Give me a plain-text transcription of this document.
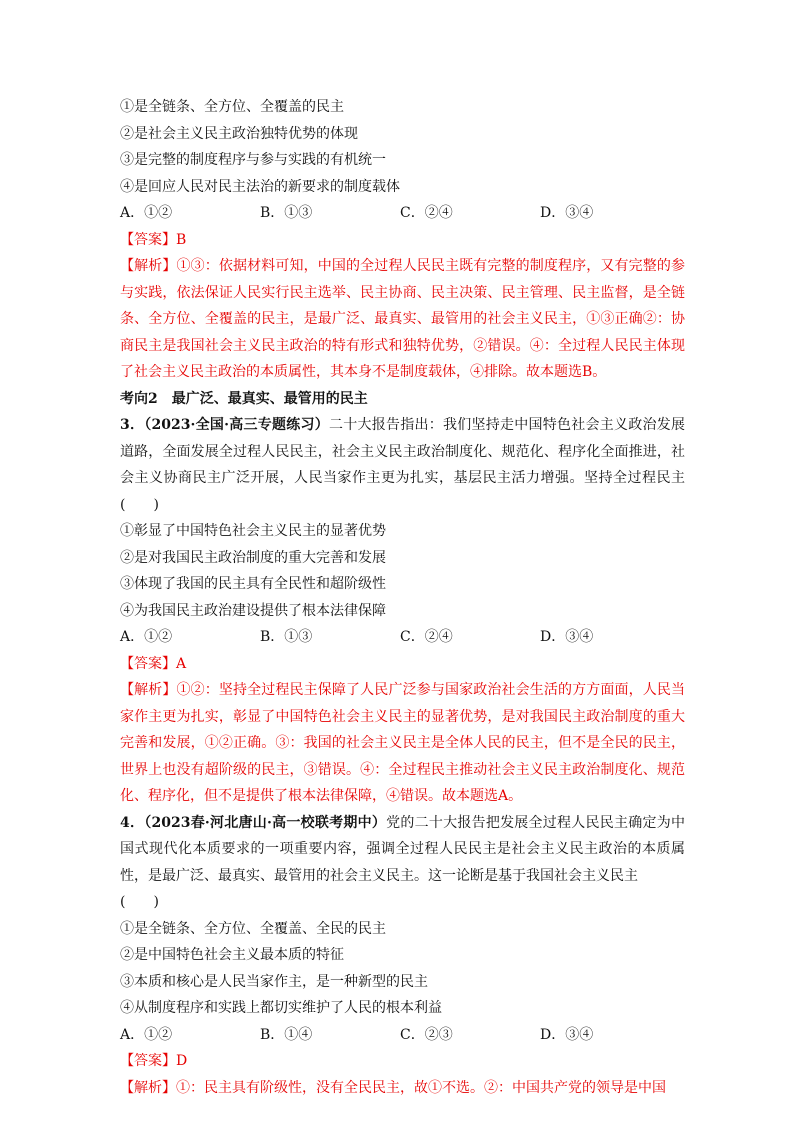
①是全链条、全方位、全覆盖的民主
②是社会主义民主政治独特优势的体现
③是完整的制度程序与参与实践的有机统一
④是回应人民对民主法治的新要求的制度载体
A．①②	B．①③	C．②④	D．③④
【答案】B
【解析】①③：依据材料可知，中国的全过程人民民主既有完整的制度程序，又有完整的参与实践，依法保证人民实行民主选举、民主协商、民主决策、民主管理、民主监督，是全链条、全方位、全覆盖的民主，是最广泛、最真实、最管用的社会主义民主，①③正确②：协商民主是我国社会主义民主政治的特有形式和独特优势，②错误。④：全过程人民民主体现了社会主义民主政治的本质属性，其本身不是制度载体，④排除。故本题选B。
考向2　最广泛、最真实、最管用的民主
3．（2023·全国·高三专题练习）二十大报告指出：我们坚持走中国特色社会主义政治发展道路，全面发展全过程人民民主，社会主义民主政治制度化、规范化、程序化全面推进，社会主义协商民主广泛开展，人民当家作主更为扎实，基层民主活力增强。坚持全过程民主(　　)
①彰显了中国特色社会主义民主的显著优势
②是对我国民主政治制度的重大完善和发展
③体现了我国的民主具有全民性和超阶级性
④为我国民主政治建设提供了根本法律保障
A．①②	B．①③	C．②④	D．③④
【答案】A
【解析】①②：坚持全过程民主保障了人民广泛参与国家政治社会生活的方方面面，人民当家作主更为扎实，彰显了中国特色社会主义民主的显著优势，是对我国民主政治制度的重大完善和发展，①②正确。③：我国的社会主义民主是全体人民的民主，但不是全民的民主，世界上也没有超阶级的民主，③错误。④：全过程民主推动社会主义民主政治制度化、规范化、程序化，但不是提供了根本法律保障，④错误。故本题选A。
4．（2023春·河北唐山·高一校联考期中）党的二十大报告把发展全过程人民民主确定为中国式现代化本质要求的一项重要内容，强调全过程人民民主是社会主义民主政治的本质属性，是最广泛、最真实、最管用的社会主义民主。这一论断是基于我国社会主义民主
(　　)
①是全链条、全方位、全覆盖、全民的民主
②是中国特色社会主义最本质的特征
③本质和核心是人民当家作主，是一种新型的民主
④从制度程序和实践上都切实维护了人民的根本利益
A．①②	B．①④	C．②③	D．③④
【答案】D
【解析】①：民主具有阶级性，没有全民民主，故①不选。②：中国共产党的领导是中国
